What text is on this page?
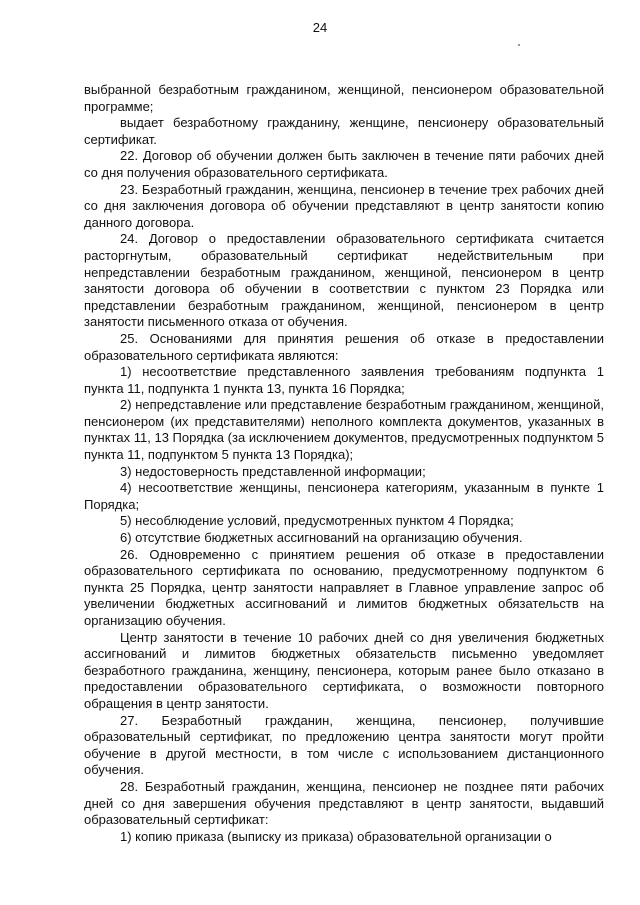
24

выбранной безработным гражданином, женщиной, пенсионером образовательной программе;

выдает безработному гражданину, женщине, пенсионеру образовательный сертификат.

22. Договор об обучении должен быть заключен в течение пяти рабочих дней со дня получения образовательного сертификата.

23. Безработный гражданин, женщина, пенсионер в течение трех рабочих дней со дня заключения договора об обучении представляют в центр занятости копию данного договора.

24. Договор о предоставлении образовательного сертификата считается расторгнутым, образовательный сертификат недействительным при непредставлении безработным гражданином, женщиной, пенсионером в центр занятости договора об обучении в соответствии с пунктом 23 Порядка или представлении безработным гражданином, женщиной, пенсионером в центр занятости письменного отказа от обучения.

25. Основаниями для принятия решения об отказе в предоставлении образовательного сертификата являются:

1) несоответствие представленного заявления требованиям подпункта 1 пункта 11, подпункта 1 пункта 13, пункта 16 Порядка;

2) непредставление или представление безработным гражданином, женщиной, пенсионером (их представителями) неполного комплекта документов, указанных в пунктах 11, 13 Порядка (за исключением документов, предусмотренных подпунктом 5 пункта 11, подпунктом 5 пункта 13 Порядка);

3) недостоверность представленной информации;

4) несоответствие женщины, пенсионера категориям, указанным в пункте 1 Порядка;

5) несоблюдение условий, предусмотренных пунктом 4 Порядка;

6) отсутствие бюджетных ассигнований на организацию обучения.

26. Одновременно с принятием решения об отказе в предоставлении образовательного сертификата по основанию, предусмотренному подпунктом 6 пункта 25 Порядка, центр занятости направляет в Главное управление запрос об увеличении бюджетных ассигнований и лимитов бюджетных обязательств на организацию обучения.

Центр занятости в течение 10 рабочих дней со дня увеличения бюджетных ассигнований и лимитов бюджетных обязательств письменно уведомляет безработного гражданина, женщину, пенсионера, которым ранее было отказано в предоставлении образовательного сертификата, о возможности повторного обращения в центр занятости.

27. Безработный гражданин, женщина, пенсионер, получившие образовательный сертификат, по предложению центра занятости могут пройти обучение в другой местности, в том числе с использованием дистанционного обучения.

28. Безработный гражданин, женщина, пенсионер не позднее пяти рабочих дней со дня завершения обучения представляют в центр занятости, выдавший образовательный сертификат:

1) копию приказа (выписку из приказа) образовательной организации о
